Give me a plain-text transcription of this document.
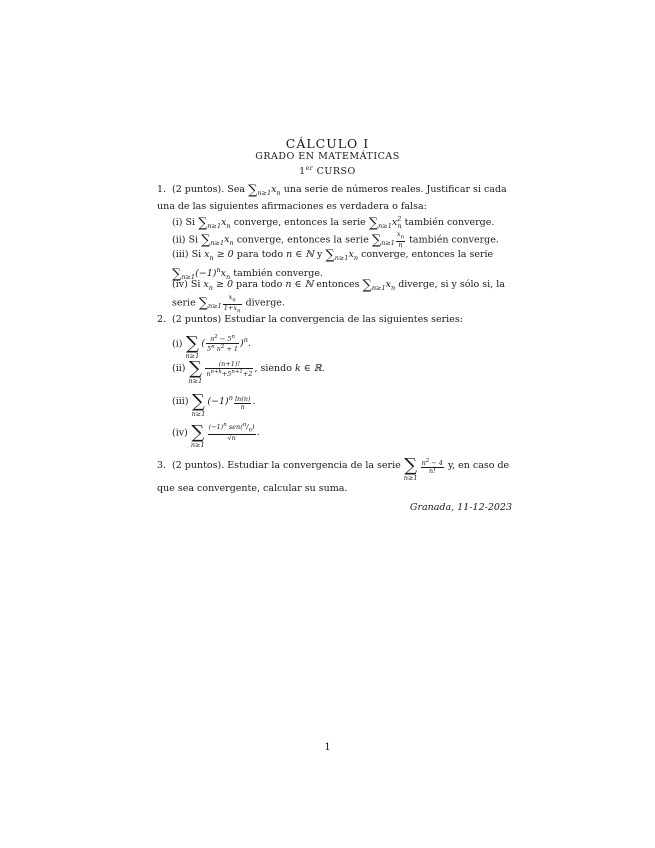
CÁLCULO I
GRADO EN MATEMÁTICAS
1er CURSO
1. (2 puntos). Sea $\sum_{n\ge 1}x_n$ una serie de números reales. Justificar si cada una de las siguientes afirmaciones es verdadera o falsa:
(i) Si $\sum_{n\ge 1}x_n$ converge, entonces la serie $\sum_{n\ge 1}x^2_n$ también converge.
(ii) Si $\sum_{n\ge 1}x_n$ converge, entonces la serie $\sum_{n\ge 1} \frac{x_n}{n}$ también converge.
(iii) Si $x_n \ge 0$ para todo n ∈ ℕ y $\sum_{n\ge 1}x_n$ converge, entonces la serie $\sum_{n\ge 1}(-1)^nx_n$ también converge.
(iv) Si $x_n \ge 0$ para todo n ∈ ℕ entonces $\sum_{n\ge 1}x_n$ diverge, si y sólo si, la serie $\sum_{n\ge 1} \frac{x_n}{1+x_n}$ diverge.
2. (2 puntos) Estudiar la convergencia de las siguientes series:
(i) ∑
n≥1
( $\frac{n^2 - 5^n}{5^n n^2 + 1} )^n$.
(ii) ∑
n≥1
$\frac{(n+1)!}{n^{n+k}+5^{n+1}+2}$ , siendo k ∈ ℝ.
(iii) ∑
n≥1
$(-1)^n \frac{\ln(n)}{n}$ .
(iv) ∑
n≥1
$\frac{(-1)^n sen(^\pi/_n)}{√n}$ .
3. (2 puntos). Estudiar la convergencia de la serie ∑
n≥1
$\frac{n^2 - 4}{n!} y$, en caso de que sea convergente, calcular su suma.
Granada, 11-12-2023
1
